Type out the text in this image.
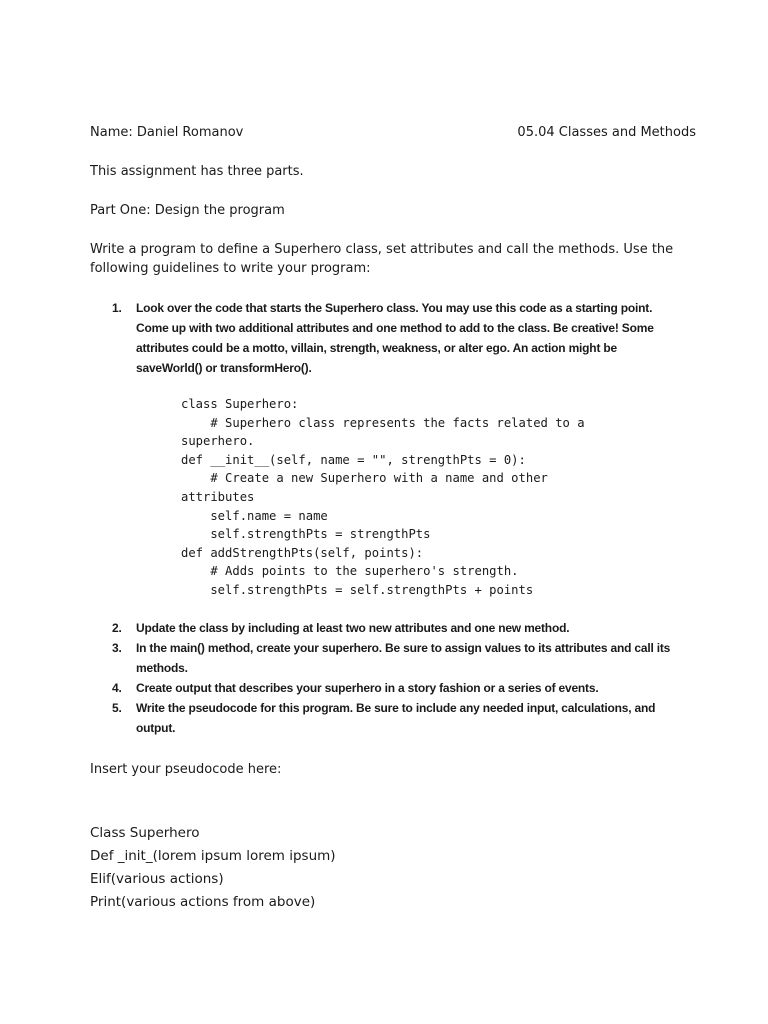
Name: Daniel Romanov	05.04 Classes and Methods

This assignment has three parts.

Part One: Design the program

Write a program to define a Superhero class, set attributes and call the methods. Use the
following guidelines to write your program:
1. Look over the code that starts the Superhero class. You may use this code as a starting point.
Come up with two additional attributes and one method to add to the class. Be creative! Some
attributes could be a motto, villain, strength, weakness, or alter ego. An action might be
saveWorld() or transformHero().
class Superhero:
# Superhero class represents the facts related to a
superhero.
def __init__(self, name = "", strengthPts = 0):
# Create a new Superhero with a name and other
attributes
self.name = name
self.strengthPts = strengthPts
def addStrengthPts(self, points):
# Adds points to the superhero's strength.
self.strengthPts = self.strengthPts + points
2. Update the class by including at least two new attributes and one new method.
3. In the main() method, create your superhero. Be sure to assign values to its attributes and call its
methods.
4. Create output that describes your superhero in a story fashion or a series of events.
5. Write the pseudocode for this program. Be sure to include any needed input, calculations, and
output.

Insert your pseudocode here:

Class Superhero
Def _init_(lorem ipsum lorem ipsum)
Elif(various actions)
Print(various actions from above)
